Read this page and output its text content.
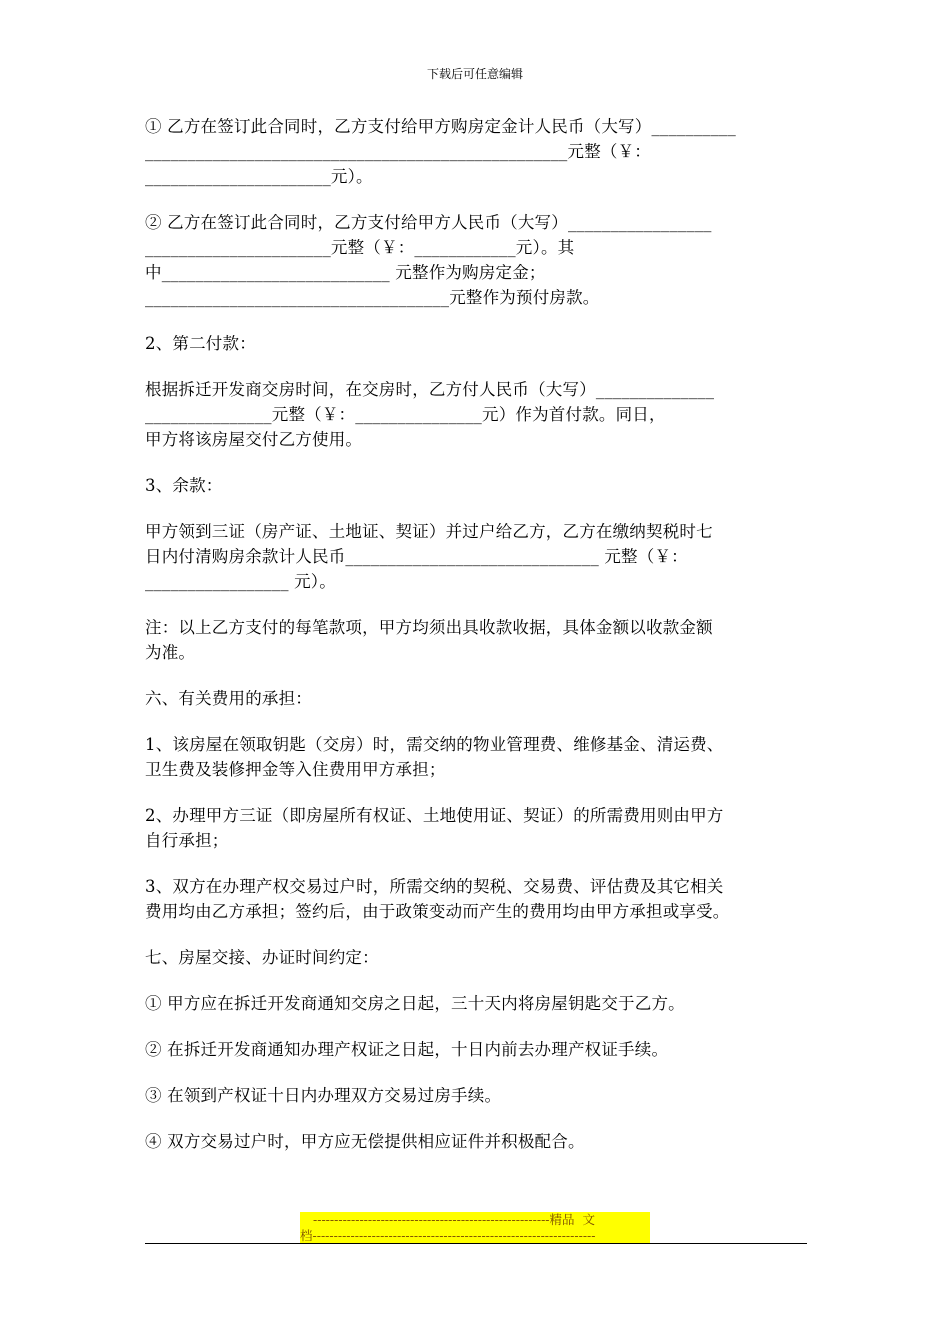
下载后可任意编辑
① 乙方在签订此合同时，乙方支付给甲方购房定金计人民币（大写）__________
__________________________________________________元整（￥：
______________________元）。
② 乙方在签订此合同时，乙方支付给甲方人民币（大写）_________________
______________________元整（￥：____________元）。其
中___________________________ 元整作为购房定金；
____________________________________元整作为预付房款。
2、第二付款：
根据拆迁开发商交房时间，在交房时，乙方付人民币（大写）______________
_______________元整（￥：_______________元）作为首付款。同日，
甲方将该房屋交付乙方使用。
3、余款：
甲方领到三证（房产证、土地证、契证）并过户给乙方，乙方在缴纳契税时七
日内付清购房余款计人民币______________________________ 元整（￥：
_________________ 元）。
注：以上乙方支付的每笔款项，甲方均须出具收款收据，具体金额以收款金额
为准。
六、有关费用的承担：
1、该房屋在领取钥匙（交房）时，需交纳的物业管理费、维修基金、清运费、
卫生费及装修押金等入住费用甲方承担；
2、办理甲方三证（即房屋所有权证、土地使用证、契证）的所需费用则由甲方
自行承担；
3、双方在办理产权交易过户时，所需交纳的契税、交易费、评估费及其它相关
费用均由乙方承担；签约后，由于政策变动而产生的费用均由甲方承担或享受。
七、房屋交接、办证时间约定：
① 甲方应在拆迁开发商通知交房之日起，三十天内将房屋钥匙交于乙方。
② 在拆迁开发商通知办理产权证之日起，十日内前去办理产权证手续。
③ 在领到产权证十日内办理双方交易过房手续。
④ 双方交易过户时，甲方应无偿提供相应证件并积极配合。
--------------------------------------------------------精品  文
档-------------------------------------------------------------------
